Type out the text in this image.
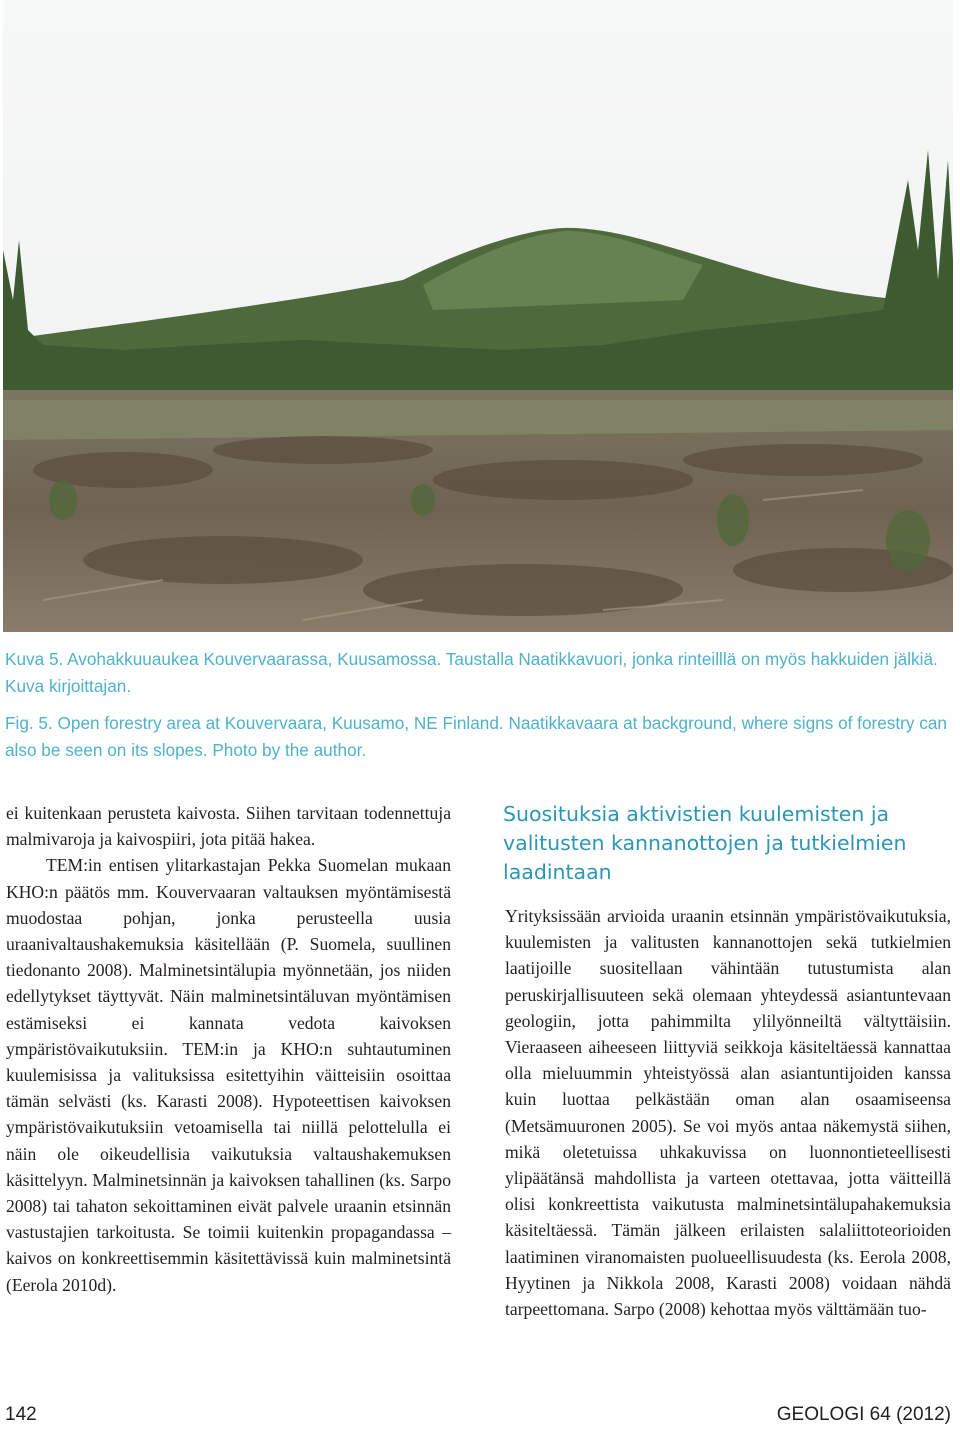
Kuva 5. Avohakkuuaukea Kouvervaarassa, Kuusamossa. Taustalla Naatikkavuori, jonka rinteilllä on myös hakkuiden jälkiä. Kuva kirjoittajan.
Fig. 5. Open forestry area at Kouvervaara, Kuusamo, NE Finland. Naatikkavaara at background, where signs of forestry can also be seen on its slopes. Photo by the author.

ei kuitenkaan perusteta kaivosta. Siihen tarvitaan todennettuja malmivaroja ja kaivospiiri, jota pitää hakea.

TEM:in entisen ylitarkastajan Pekka Suomelan mukaan KHO:n päätös mm. Kouvervaaran valtauksen myöntämisestä muodostaa pohjan, jonka perusteella uusia uraanivaltaushakemuksia käsitellään (P. Suomela, suullinen tiedonanto 2008). Malminetsintälupia myönnetään, jos niiden edellytykset täyttyvät. Näin malminetsintäluvan myöntämisen estämiseksi ei kannata vedota kaivoksen ympäristövaikutuksiin. TEM:in ja KHO:n suhtautuminen kuulemisissa ja valituksissa esitettyihin väitteisiin osoittaa tämän selvästi (ks. Karasti 2008). Hypoteettisen kaivoksen ympäristövaikutuksiin vetoamisella tai niillä pelottelulla ei näin ole oikeudellisia vaikutuksia valtaushakemuksen käsittelyyn. Malminetsinnän ja kaivoksen tahallinen (ks. Sarpo 2008) tai tahaton sekoittaminen eivät palvele uraanin etsinnän vastustajien tarkoitusta. Se toimii kuitenkin propagandassa – kaivos on konkreettisemmin käsitettävissä kuin malminetsintä (Eerola 2010d).

Suosituksia aktivistien kuulemisten ja valitusten kannanottojen ja tutkielmien laadintaan

Yrityksissään arvioida uraanin etsinnän ympäristövaikutuksia, kuulemisten ja valitusten kannanottojen sekä tutkielmien laatijoille suositellaan vähintään tutustumista alan peruskirjallisuuteen sekä olemaan yhteydessä asiantuntevaan geologiin, jotta pahimmilta ylilyönneiltä vältyttäisiin. Vieraaseen aiheeseen liittyviä seikkoja käsiteltäessä kannattaa olla mieluummin yhteistyössä alan asiantuntijoiden kanssa kuin luottaa pelkästään oman alan osaamiseensa (Metsämuuronen 2005). Se voi myös antaa näkemystä siihen, mikä oletetuissa uhkakuvissa on luonnontieteellisesti ylipäätänsä mahdollista ja varteen otettavaa, jotta väitteillä olisi konkreettista vaikutusta malminetsintälupahakemuksia käsiteltäessä. Tämän jälkeen erilaisten salaliittoteorioiden laatiminen viranomaisten puolueellisuudesta (ks. Eerola 2008, Hyytinen ja Nikkola 2008, Karasti 2008) voidaan nähdä tarpeettomana. Sarpo (2008) kehottaa myös välttämään tuo-

142	GEOLOGI 64 (2012)
